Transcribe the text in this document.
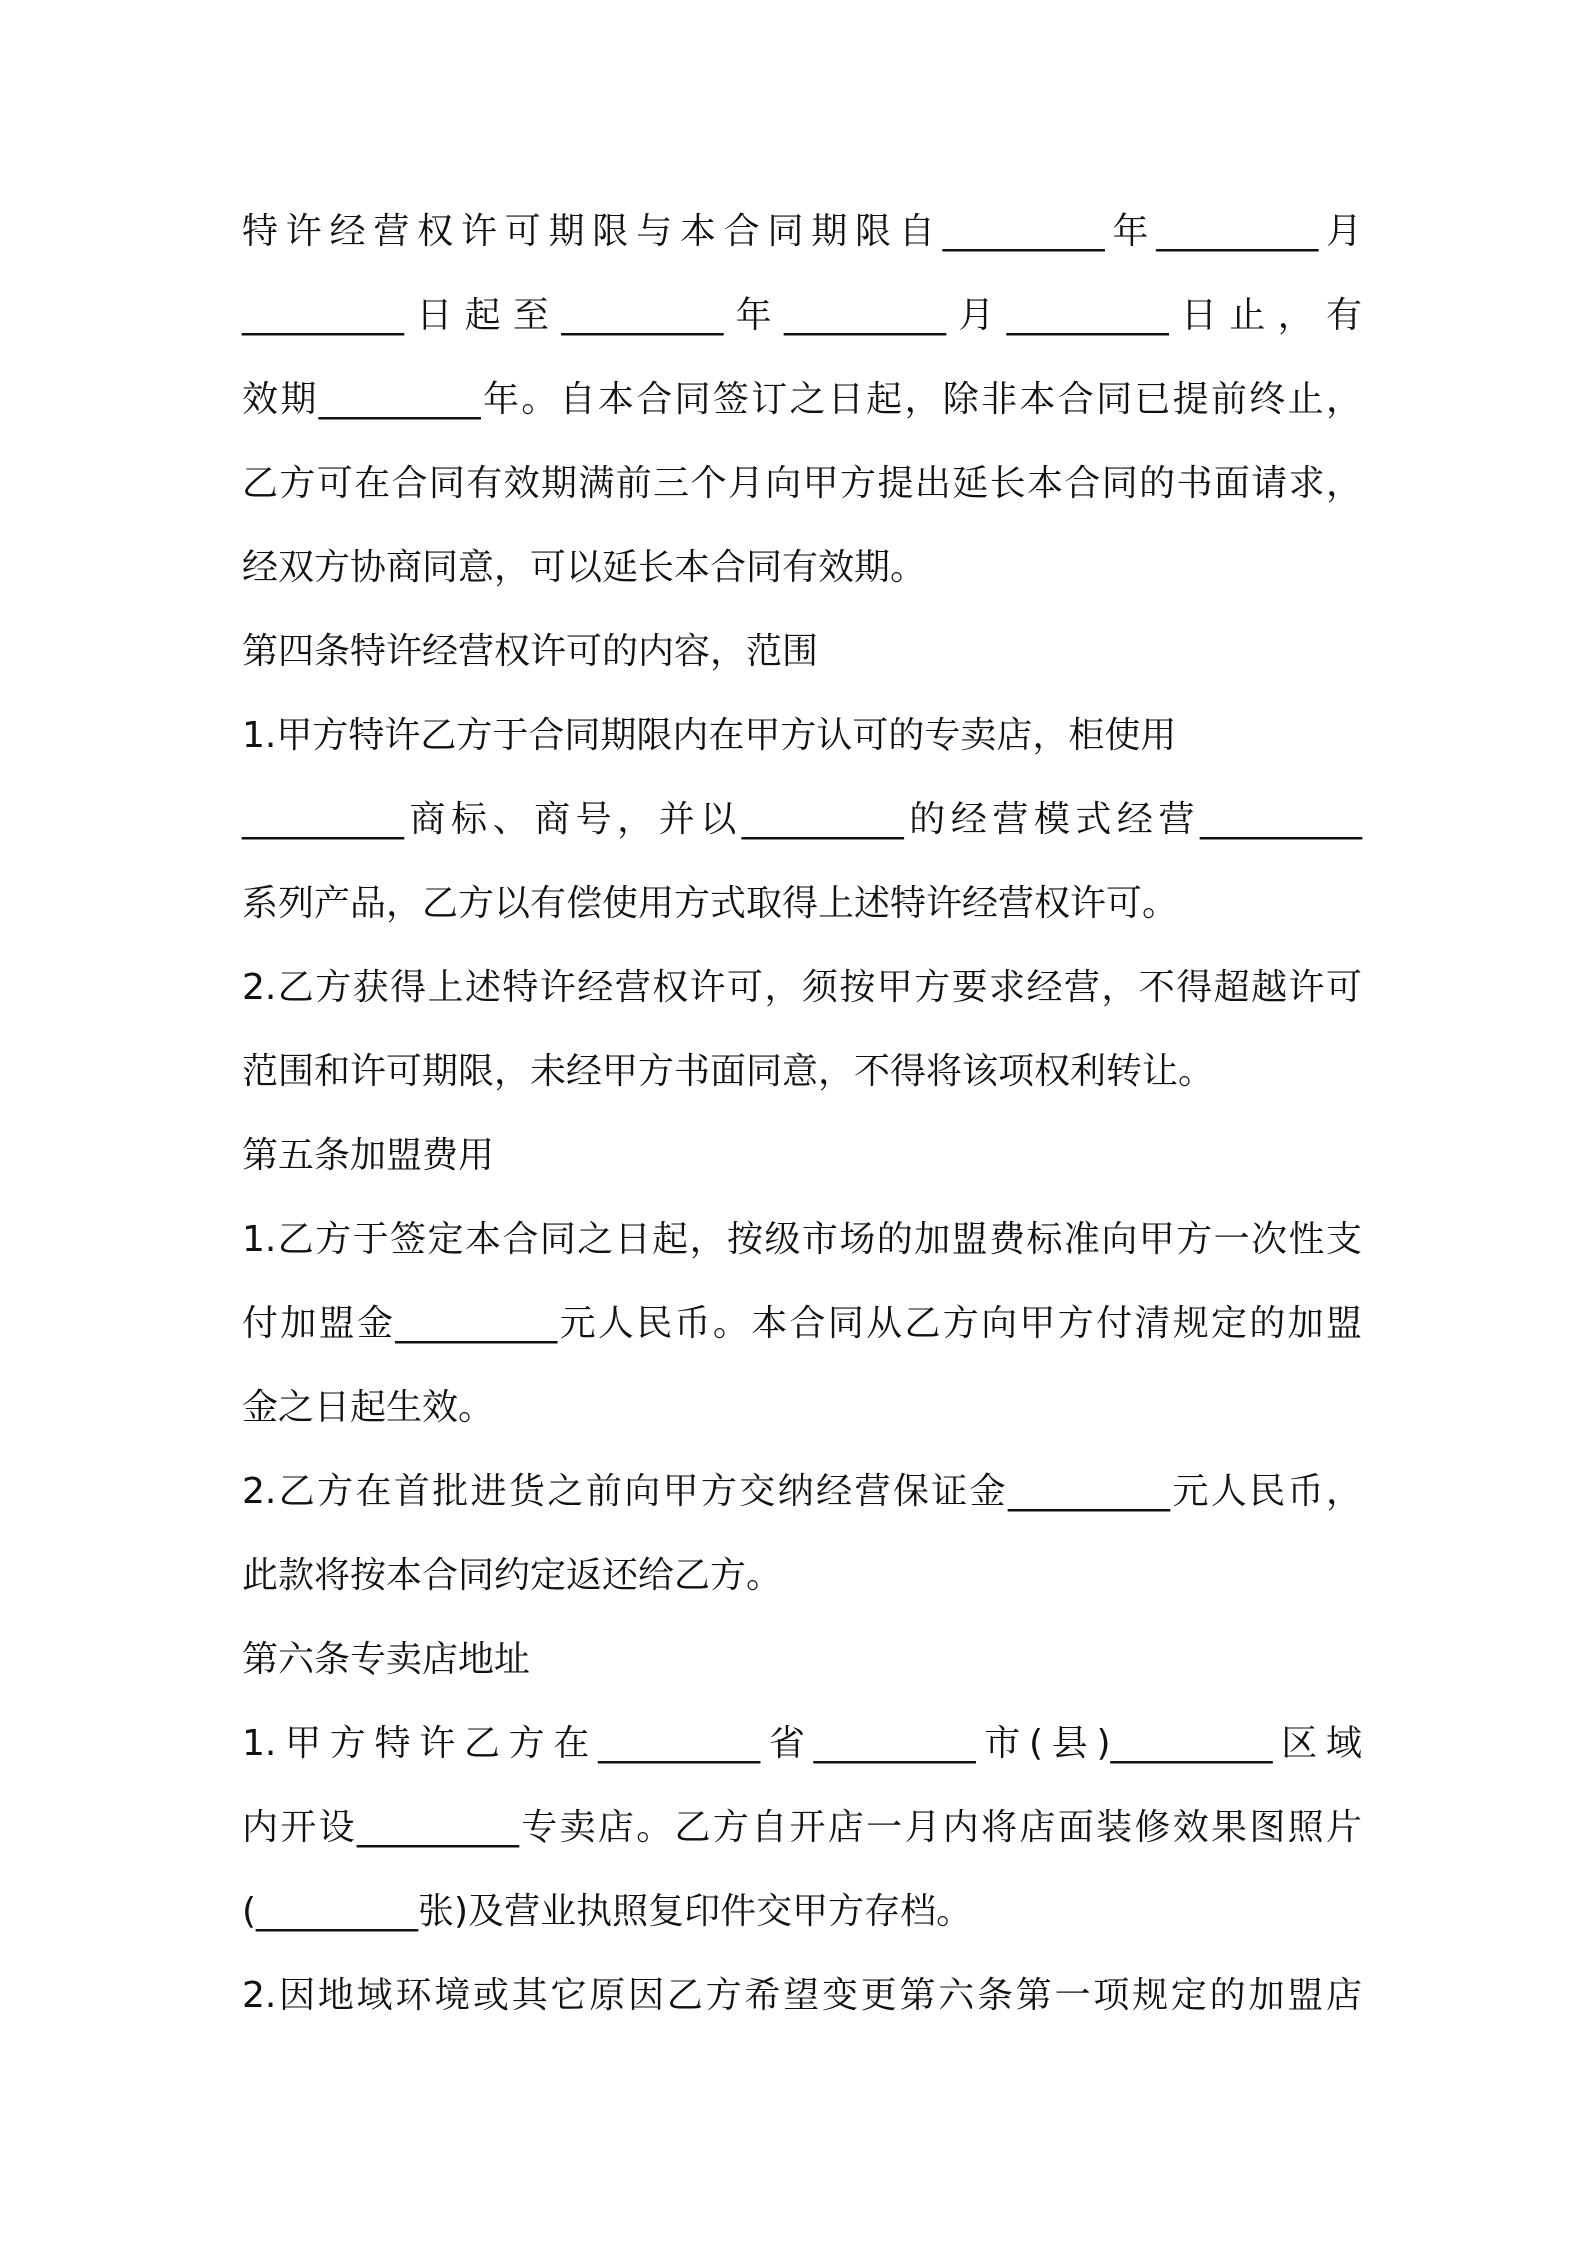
特许经营权许可期限与本合同期限自_________年_________月
_________日起至_________年_________月_________日止，有
效期_________年。自本合同签订之日起，除非本合同已提前终止，
乙方可在合同有效期满前三个月向甲方提出延长本合同的书面请求，
经双方协商同意，可以延长本合同有效期。
第四条特许经营权许可的内容，范围
1.甲方特许乙方于合同期限内在甲方认可的专卖店，柜使用
_________商标、商号，并以_________的经营模式经营_________
系列产品，乙方以有偿使用方式取得上述特许经营权许可。
2.乙方获得上述特许经营权许可，须按甲方要求经营，不得超越许可
范围和许可期限，未经甲方书面同意，不得将该项权利转让。
第五条加盟费用
1.乙方于签定本合同之日起，按级市场的加盟费标准向甲方一次性支
付加盟金_________元人民币。本合同从乙方向甲方付清规定的加盟
金之日起生效。
2.乙方在首批进货之前向甲方交纳经营保证金_________元人民币，
此款将按本合同约定返还给乙方。
第六条专卖店地址
1.甲方特许乙方在_________省_________市(县)_________区域
内开设_________专卖店。乙方自开店一月内将店面装修效果图照片
(_________张)及营业执照复印件交甲方存档。
2.因地域环境或其它原因乙方希望变更第六条第一项规定的加盟店
